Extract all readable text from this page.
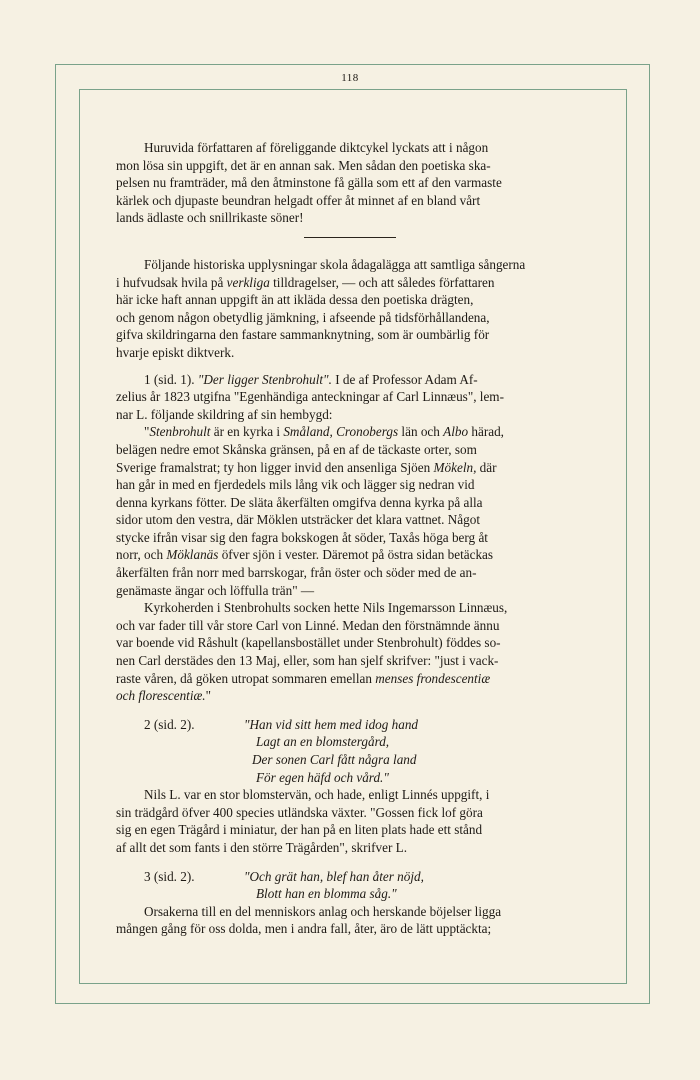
118

Huruvida författaren af föreliggande diktcykel lyckats att i någon

mon lösa sin uppgift, det är en annan sak. Men sådan den poetiska ska-

pelsen nu framträder, må den åtminstone få gälla som ett af den varmaste

kärlek och djupaste beundran helgadt offer åt minnet af en bland vårt

lands ädlaste och snillrikaste söner!

Följande historiska upplysningar skola ådagalägga att samtliga sångerna

i hufvudsak hvila på verkliga tilldragelser, — och att således författaren

här icke haft annan uppgift än att ikläda dessa den poetiska drägten,

och genom någon obetydlig jämkning, i afseende på tidsförhållandena,

gifva skildringarna den fastare sammanknytning, som är oumbärlig för

hvarje episkt diktverk.

1 (sid. 1). "Der ligger Stenbrohult". I de af Professor Adam Af-

zelius år 1823 utgifna "Egenhändiga anteckningar af Carl Linnæus", lem-

nar L. följande skildring af sin hembygd:

"Stenbrohult är en kyrka i Småland, Cronobergs län och Albo härad,

belägen nedre emot Skånska gränsen, på en af de täckaste orter, som

Sverige framalstrat; ty hon ligger invid den ansenliga Sjöen Mökeln, där

han går in med en fjerdedels mils lång vik och lägger sig nedran vid

denna kyrkans fötter. De släta åkerfälten omgifva denna kyrka på alla

sidor utom den vestra, där Möklen utsträcker det klara vattnet. Något

stycke ifrån visar sig den fagra bokskogen åt söder, Taxås höga berg åt

norr, och Möklanäs öfver sjön i vester. Däremot på östra sidan betäckas

åkerfälten från norr med barrskogar, från öster och söder med de an-

genämaste ängar och löffulla trän" —

Kyrkoherden i Stenbrohults socken hette Nils Ingemarsson Linnæus,

och var fader till vår store Carl von Linné. Medan den förstnämnde ännu

var boende vid Råshult (kapellansbostället under Stenbrohult) föddes so-

nen Carl derstädes den 13 Maj, eller, som han sjelf skrifver: "just i vack-

raste våren, då göken utropat sommaren emellan menses frondescentiæ

och florescentiæ."

2 (sid. 2).	"Han vid sitt hem med idog hand
Lagt an en blomstergård,
Der sonen Carl fått några land
För egen häfd och vård."

Nils L. var en stor blomstervän, och hade, enligt Linnés uppgift, i

sin trädgård öfver 400 species utländska växter. "Gossen fick lof göra

sig en egen Trägård i miniatur, der han på en liten plats hade ett stånd

af allt det som fants i den större Trägården", skrifver L.

3 (sid. 2).	"Och grät han, blef han åter nöjd,
Blott han en blomma såg."

Orsakerna till en del menniskors anlag och herskande böjelser ligga

mången gång för oss dolda, men i andra fall, åter, äro de lätt upptäckta;
